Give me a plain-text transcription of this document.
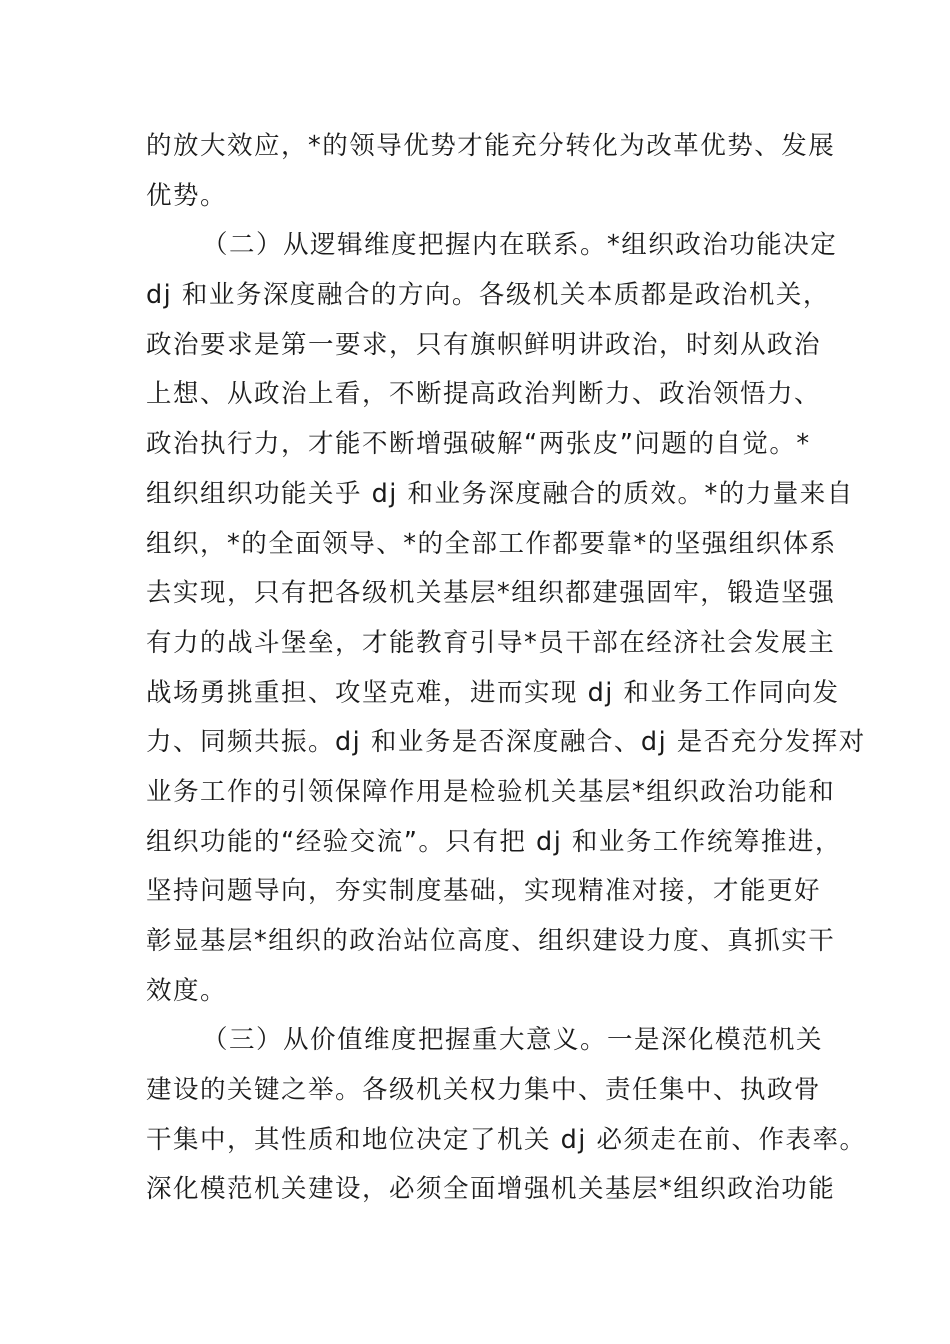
的放大效应，*的领导优势才能充分转化为改革优势、发展
优势。
（二）从逻辑维度把握内在联系。*组织政治功能决定
dj 和业务深度融合的方向。各级机关本质都是政治机关，
政治要求是第一要求，只有旗帜鲜明讲政治，时刻从政治
上想、从政治上看，不断提高政治判断力、政治领悟力、
政治执行力，才能不断增强破解“两张皮”问题的自觉。*
组织组织功能关乎 dj 和业务深度融合的质效。*的力量来自
组织，*的全面领导、*的全部工作都要靠*的坚强组织体系
去实现，只有把各级机关基层*组织都建强固牢，锻造坚强
有力的战斗堡垒，才能教育引导*员干部在经济社会发展主
战场勇挑重担、攻坚克难，进而实现 dj 和业务工作同向发
力、同频共振。dj 和业务是否深度融合、dj 是否充分发挥对
业务工作的引领保障作用是检验机关基层*组织政治功能和
组织功能的“经验交流”。只有把 dj 和业务工作统筹推进，
坚持问题导向，夯实制度基础，实现精准对接，才能更好
彰显基层*组织的政治站位高度、组织建设力度、真抓实干
效度。
（三）从价值维度把握重大意义。一是深化模范机关
建设的关键之举。各级机关权力集中、责任集中、执政骨
干集中，其性质和地位决定了机关 dj 必须走在前、作表率。
深化模范机关建设，必须全面增强机关基层*组织政治功能
